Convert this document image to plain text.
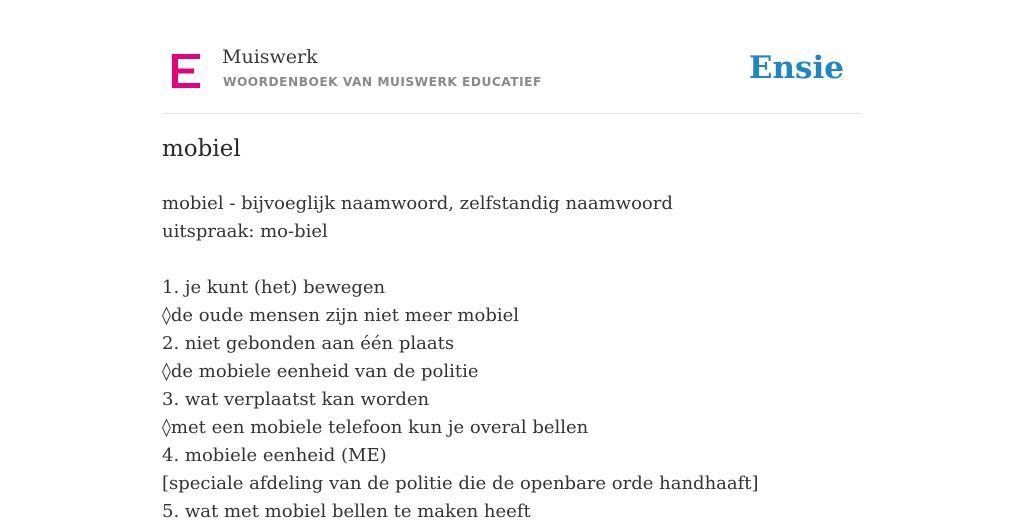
Muiswerk
WOORDENBOEK VAN MUISWERK EDUCATIEF	Ensie
mobiel
mobiel - bijvoeglijk naamwoord, zelfstandig naamwoord
uitspraak: mo-biel
1. je kunt (het) bewegen
◊de oude mensen zijn niet meer mobiel
2. niet gebonden aan één plaats
◊de mobiele eenheid van de politie
3. wat verplaatst kan worden
◊met een mobiele telefoon kun je overal bellen
4. mobiele eenheid (ME)
[speciale afdeling van de politie die de openbare orde handhaaft]
5. wat met mobiel bellen te maken heeft
